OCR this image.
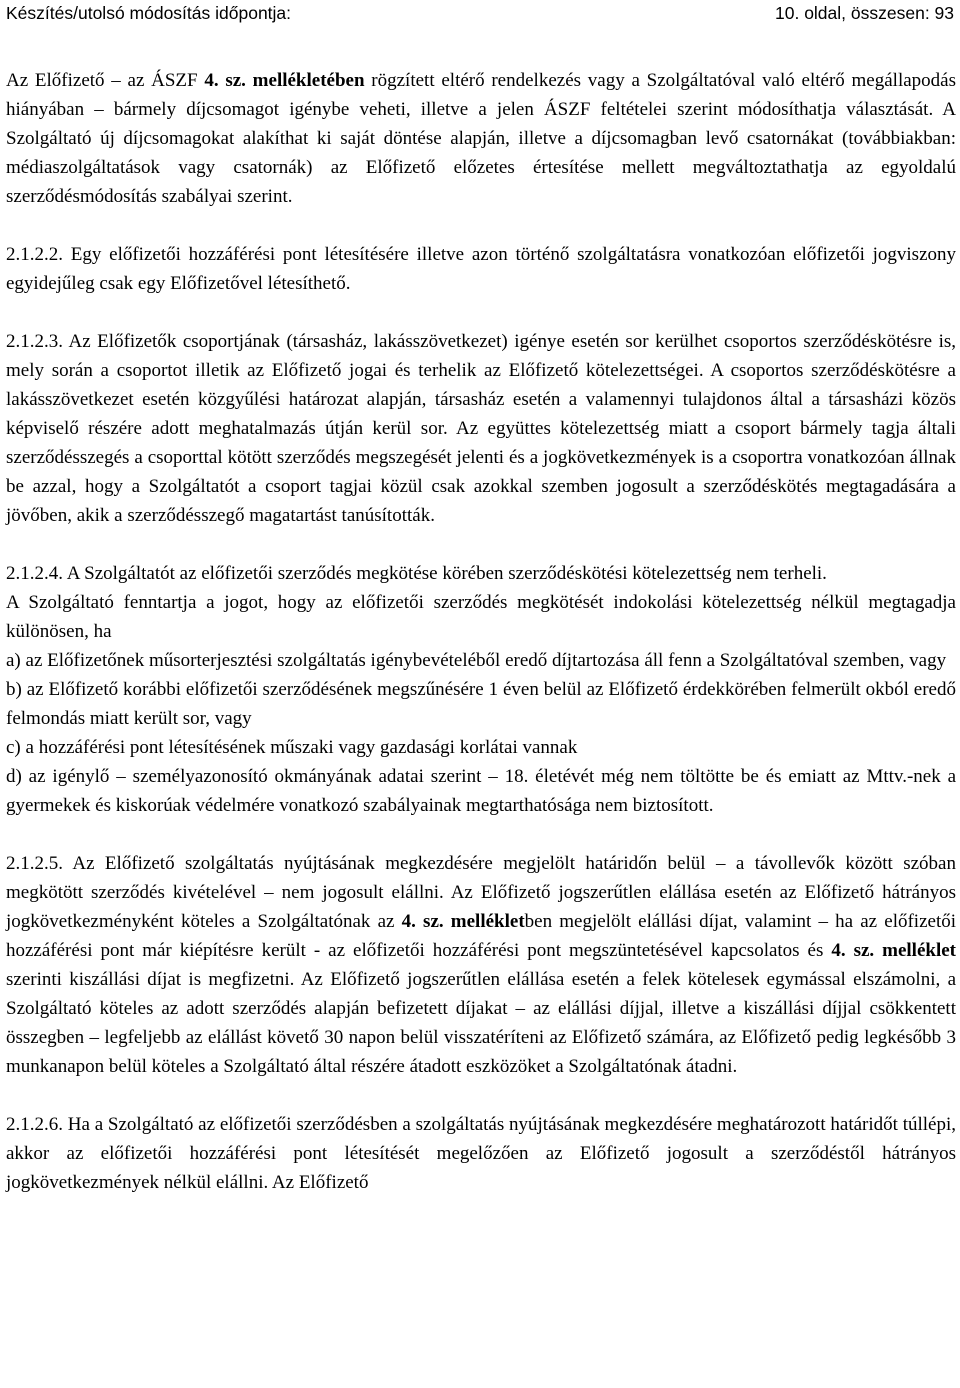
Készítés/utolsó módosítás időpontja:	10. oldal, összesen: 93

Az Előfizető – az ÁSZF 4. sz. mellékletében rögzített eltérő rendelkezés vagy a Szolgáltatóval való eltérő megállapodás hiányában – bármely díjcsomagot igénybe veheti, illetve a jelen ÁSZF feltételei szerint módosíthatja választását. A Szolgáltató új díjcsomagokat alakíthat ki saját döntése alapján, illetve a díjcsomagban levő csatornákat (továbbiakban: médiaszolgáltatások vagy csatornák) az Előfizető előzetes értesítése mellett megváltoztathatja az egyoldalú szerződésmódosítás szabályai szerint.

2.1.2.2. Egy előfizetői hozzáférési pont létesítésére illetve azon történő szolgáltatásra vonatkozóan előfizetői jogviszony egyidejűleg csak egy Előfizetővel létesíthető.

2.1.2.3. Az Előfizetők csoportjának (társasház, lakásszövetkezet) igénye esetén sor kerülhet csoportos szerződéskötésre is, mely során a csoportot illetik az Előfizető jogai és terhelik az Előfizető kötelezettségei. A csoportos szerződéskötésre a lakásszövetkezet esetén közgyűlési határozat alapján, társasház esetén a valamennyi tulajdonos által a társasházi közös képviselő részére adott meghatalmazás útján kerül sor. Az együttes kötelezettség miatt a csoport bármely tagja általi szerződésszegés a csoporttal kötött szerződés megszegését jelenti és a jogkövetkezmények is a csoportra vonatkozóan állnak be azzal, hogy a Szolgáltatót a csoport tagjai közül csak azokkal szemben jogosult a szerződéskötés megtagadására a jövőben, akik a szerződésszegő magatartást tanúsították.

2.1.2.4. A Szolgáltatót az előfizetői szerződés megkötése körében szerződéskötési kötelezettség nem terheli.

A Szolgáltató fenntartja a jogot, hogy az előfizetői szerződés megkötését indokolási kötelezettség nélkül megtagadja különösen, ha

a) az Előfizetőnek műsorterjesztési szolgáltatás igénybevételéből eredő díjtartozása áll fenn a Szolgáltatóval szemben, vagy

b) az Előfizető korábbi előfizetői szerződésének megszűnésére 1 éven belül az Előfizető érdekkörében felmerült okból eredő felmondás miatt került sor, vagy

c) a hozzáférési pont létesítésének műszaki vagy gazdasági korlátai vannak

d) az igénylő – személyazonosító okmányának adatai szerint – 18. életévét még nem töltötte be és emiatt az Mttv.-nek a gyermekek és kiskorúak védelmére vonatkozó szabályainak megtarthatósága nem biztosított.

2.1.2.5. Az Előfizető szolgáltatás nyújtásának megkezdésére megjelölt határidőn belül – a távollevők között szóban megkötött szerződés kivételével – nem jogosult elállni. Az Előfizető jogszerűtlen elállása esetén az Előfizető hátrányos jogkövetkezményként köteles a Szolgáltatónak az 4. sz. mellékletben megjelölt elállási díjat, valamint – ha az előfizetői hozzáférési pont már kiépítésre került - az előfizetői hozzáférési pont megszüntetésével kapcsolatos és 4. sz. melléklet szerinti kiszállási díjat is megfizetni. Az Előfizető jogszerűtlen elállása esetén a felek kötelesek egymással elszámolni, a Szolgáltató köteles az adott szerződés alapján befizetett díjakat – az elállási díjjal, illetve a kiszállási díjjal csökkentett összegben – legfeljebb az elállást követő 30 napon belül visszatéríteni az Előfizető számára, az Előfizető pedig legkésőbb 3 munkanapon belül köteles a Szolgáltató által részére átadott eszközöket a Szolgáltatónak átadni.

2.1.2.6. Ha a Szolgáltató az előfizetői szerződésben a szolgáltatás nyújtásának megkezdésére meghatározott határidőt túllépi, akkor az előfizetői hozzáférési pont létesítését megelőzően az Előfizető jogosult a szerződéstől hátrányos jogkövetkezmények nélkül elállni. Az Előfizető
